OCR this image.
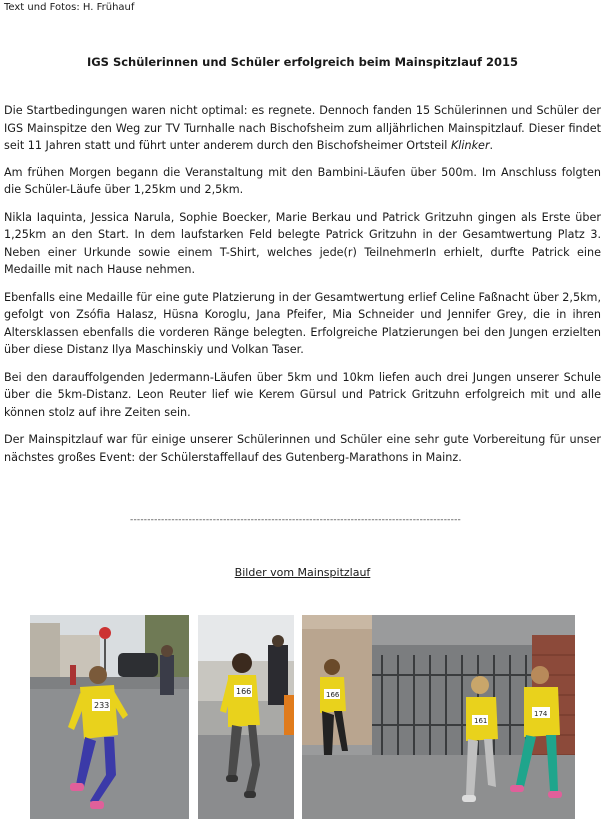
Text und Fotos: H. Frühauf
IGS Schülerinnen und Schüler erfolgreich beim Mainspitzlauf 2015

Die Startbedingungen waren nicht optimal: es regnete. Dennoch fanden 15 Schülerinnen und Schüler der IGS Mainspitze den Weg zur TV Turnhalle nach Bischofsheim zum alljährlichen Mainspitzlauf. Dieser findet seit 11 Jahren statt und führt unter anderem durch den Bischofsheimer Ortsteil Klinker.

Am frühen Morgen begann die Veranstaltung mit den Bambini-Läufen über 500m. Im Anschluss folgten die Schüler-Läufe über 1,25km und 2,5km.

Nikla Iaquinta, Jessica Narula, Sophie Boecker, Marie Berkau und Patrick Gritzuhn gingen als Erste über 1,25km an den Start. In dem laufstarken Feld belegte Patrick Gritzuhn in der Gesamtwertung Platz 3. Neben einer Urkunde sowie einem T-Shirt, welches jede(r) TeilnehmerIn erhielt, durfte Patrick eine Medaille mit nach Hause nehmen.

Ebenfalls eine Medaille für eine gute Platzierung in der Gesamtwertung erlief Celine Faßnacht über 2,5km, gefolgt von Zsófia Halasz, Hüsna Koroglu, Jana Pfeifer, Mia Schneider und Jennifer Grey, die in ihren Altersklassen ebenfalls die vorderen Ränge belegten. Erfolgreiche Platzierungen bei den Jungen erzielten über diese Distanz Ilya Maschinskiy und Volkan Taser.

Bei den darauffolgenden Jedermann-Läufen über 5km und 10km liefen auch drei Jungen unserer Schule über die 5km-Distanz. Leon Reuter lief wie Kerem Gürsul und Patrick Gritzuhn erfolgreich mit und alle können stolz auf ihre Zeiten sein.

Der Mainspitzlauf war für einige unserer Schülerinnen und Schüler eine sehr gute Vorbereitung für unser nächstes großes Event: der Schülerstaffellauf des Gutenberg-Marathons in Mainz.

------------------------------------------------------------------------------------------------
Bilder vom Mainspitzlauf
233
166	166
161
174
